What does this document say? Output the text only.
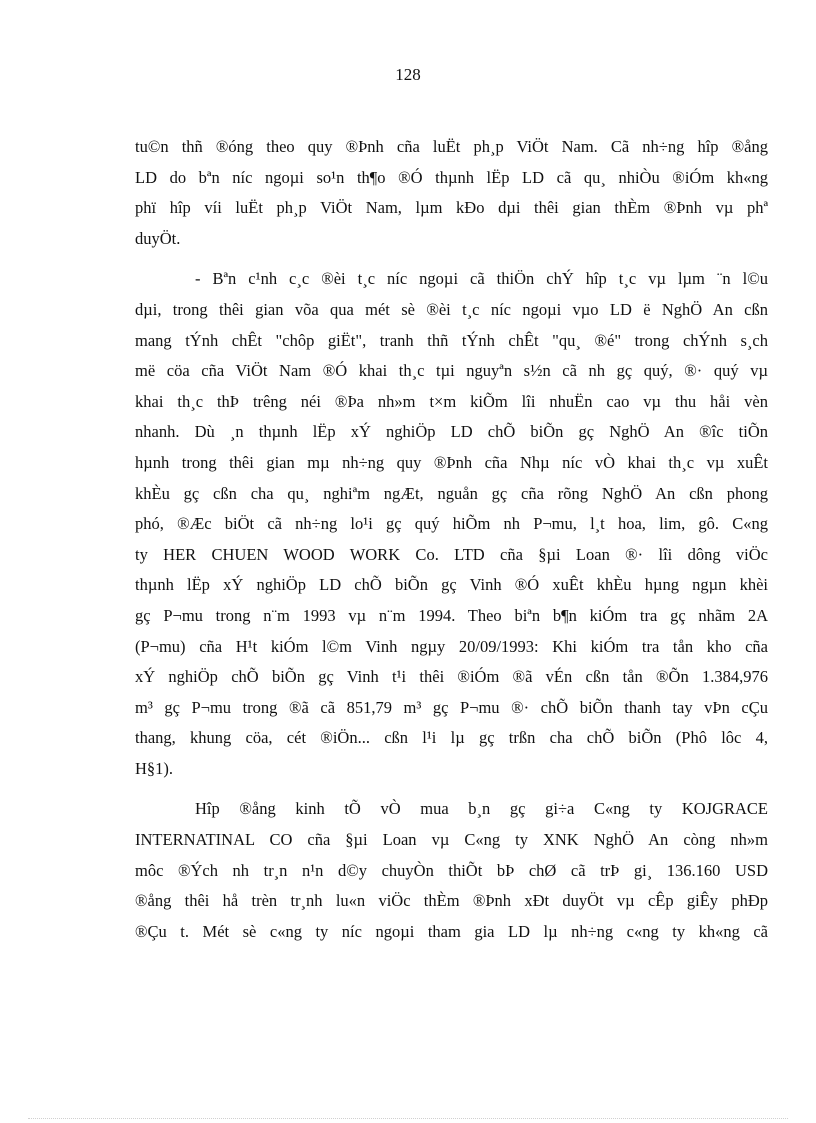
128

tu©n thñ ®óng theo quy ®Þnh cña luËt ph¸p ViÖt Nam. Cã nh÷ng hîp ®ång
LD do bªn níc ngoµi so¹n th¶o ®Ó thµnh lËp LD cã qu¸ nhiÒu ®iÓm kh«ng
phï hîp víi luËt ph¸p ViÖt Nam, lµm kÐo dµi thêi gian thÈm ®Þnh vµ phª
duyÖt.

- Bªn c¹nh c¸c ®èi t¸c níc ngoµi cã thiÖn chÝ hîp t¸c vµ lµm ¨n l©u
dµi, trong thêi gian võa qua mét sè ®èi t¸c níc ngoµi vµo LD ë NghÖ An cßn
mang tÝnh chÊt "chôp giËt", tranh thñ tÝnh chÊt "qu¸ ®é" trong chÝnh s¸ch
më cöa cña ViÖt Nam ®Ó khai th¸c tµi nguyªn s½n cã nh gç quý, ®· quý vµ
khai th¸c thÞ trêng néi ®Þa nh»m t×m kiÕm lîi nhuËn cao vµ thu håi vèn
nhanh. Dù ¸n thµnh lËp xÝ nghiÖp LD chÕ biÕn gç NghÖ An ®îc tiÕn
hµnh trong thêi gian mµ nh÷ng quy ®Þnh cña Nhµ níc vÒ khai th¸c vµ xuÊt
khÈu gç cßn cha qu¸ nghiªm ngÆt, nguån gç cña rõng NghÖ An cßn phong
phó, ®Æc biÖt cã nh÷ng lo¹i gç quý hiÕm nh P¬mu, l¸t hoa, lim, gô. C«ng
ty HER CHUEN WOOD WORK Co. LTD cña §µi Loan ®· lîi dông viÖc
thµnh lËp xÝ nghiÖp LD chÕ biÕn gç Vinh ®Ó xuÊt khÈu hµng ngµn khèi
gç P¬mu trong n¨m 1993 vµ n¨m 1994. Theo biªn b¶n kiÓm tra gç nhãm 2A
(P¬mu) cña H¹t kiÓm l©m Vinh ngµy 20/09/1993: Khi kiÓm tra tån kho cña
xÝ nghiÖp chÕ biÕn gç Vinh t¹i thêi ®iÓm ®ã vÉn cßn tån ®Õn 1.384,976
m³ gç P¬mu trong ®ã cã 851,79 m³ gç P¬mu ®· chÕ biÕn thanh tay vÞn cÇu
thang, khung cöa, cét ®iÖn... cßn l¹i lµ gç trßn cha chÕ biÕn (Phô lôc 4,
H§1).

Hîp ®ång kinh tÕ vÒ mua b¸n gç gi÷a C«ng ty KOJGRACE
INTERNATINAL CO cña §µi Loan vµ C«ng ty XNK NghÖ An còng nh»m
môc ®Ých nh tr¸n n¹n d©y chuyÒn thiÕt bÞ chØ cã trÞ gi¸ 136.160 USD
®ång thêi hå trèn tr¸nh lu«n viÖc thÈm ®Þnh xÐt duyÖt vµ cÊp giÊy phÐp
®Çu t. Mét sè c«ng ty níc ngoµi tham gia LD lµ nh÷ng c«ng ty kh«ng cã
